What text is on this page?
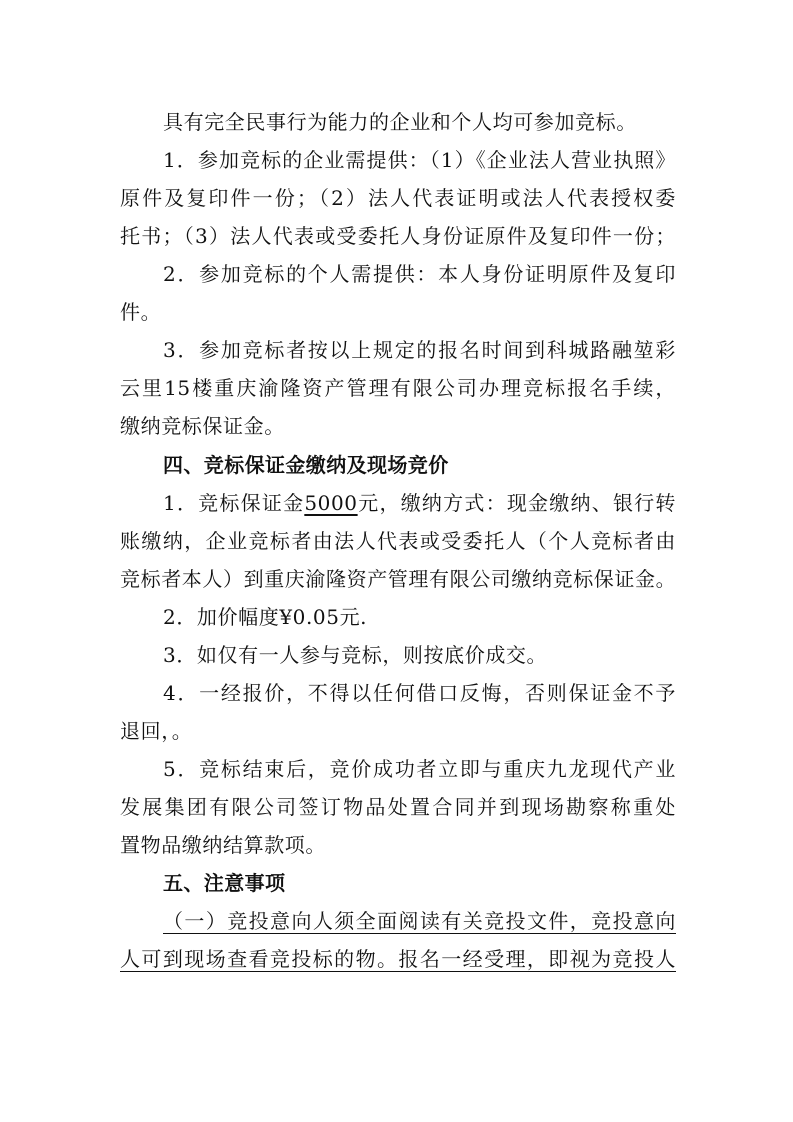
具有完全民事行为能力的企业和个人均可参加竞标。
1．参加竞标的企业需提供：（1）《企业法人营业执照》
原件及复印件一份；（2）法人代表证明或法人代表授权委
托书；（3）法人代表或受委托人身份证原件及复印件一份；
2．参加竞标的个人需提供：本人身份证明原件及复印
件。
3．参加竞标者按以上规定的报名时间到科城路融堃彩
云里15楼重庆渝隆资产管理有限公司办理竞标报名手续，
缴纳竞标保证金。
四、竞标保证金缴纳及现场竞价
1．竞标保证金5000元，缴纳方式：现金缴纳、银行转
账缴纳，企业竞标者由法人代表或受委托人（个人竞标者由
竞标者本人）到重庆渝隆资产管理有限公司缴纳竞标保证金。
2．加价幅度¥0.05元.
3．如仅有一人参与竞标，则按底价成交。
4．一经报价，不得以任何借口反悔，否则保证金不予
退回，。
5．竞标结束后，竞价成功者立即与重庆九龙现代产业
发展集团有限公司签订物品处置合同并到现场勘察称重处
置物品缴纳结算款项。
五、注意事项
（一）竞投意向人须全面阅读有关竞投文件，竞投意向
人可到现场查看竞投标的物。报名一经受理，即视为竞投人
